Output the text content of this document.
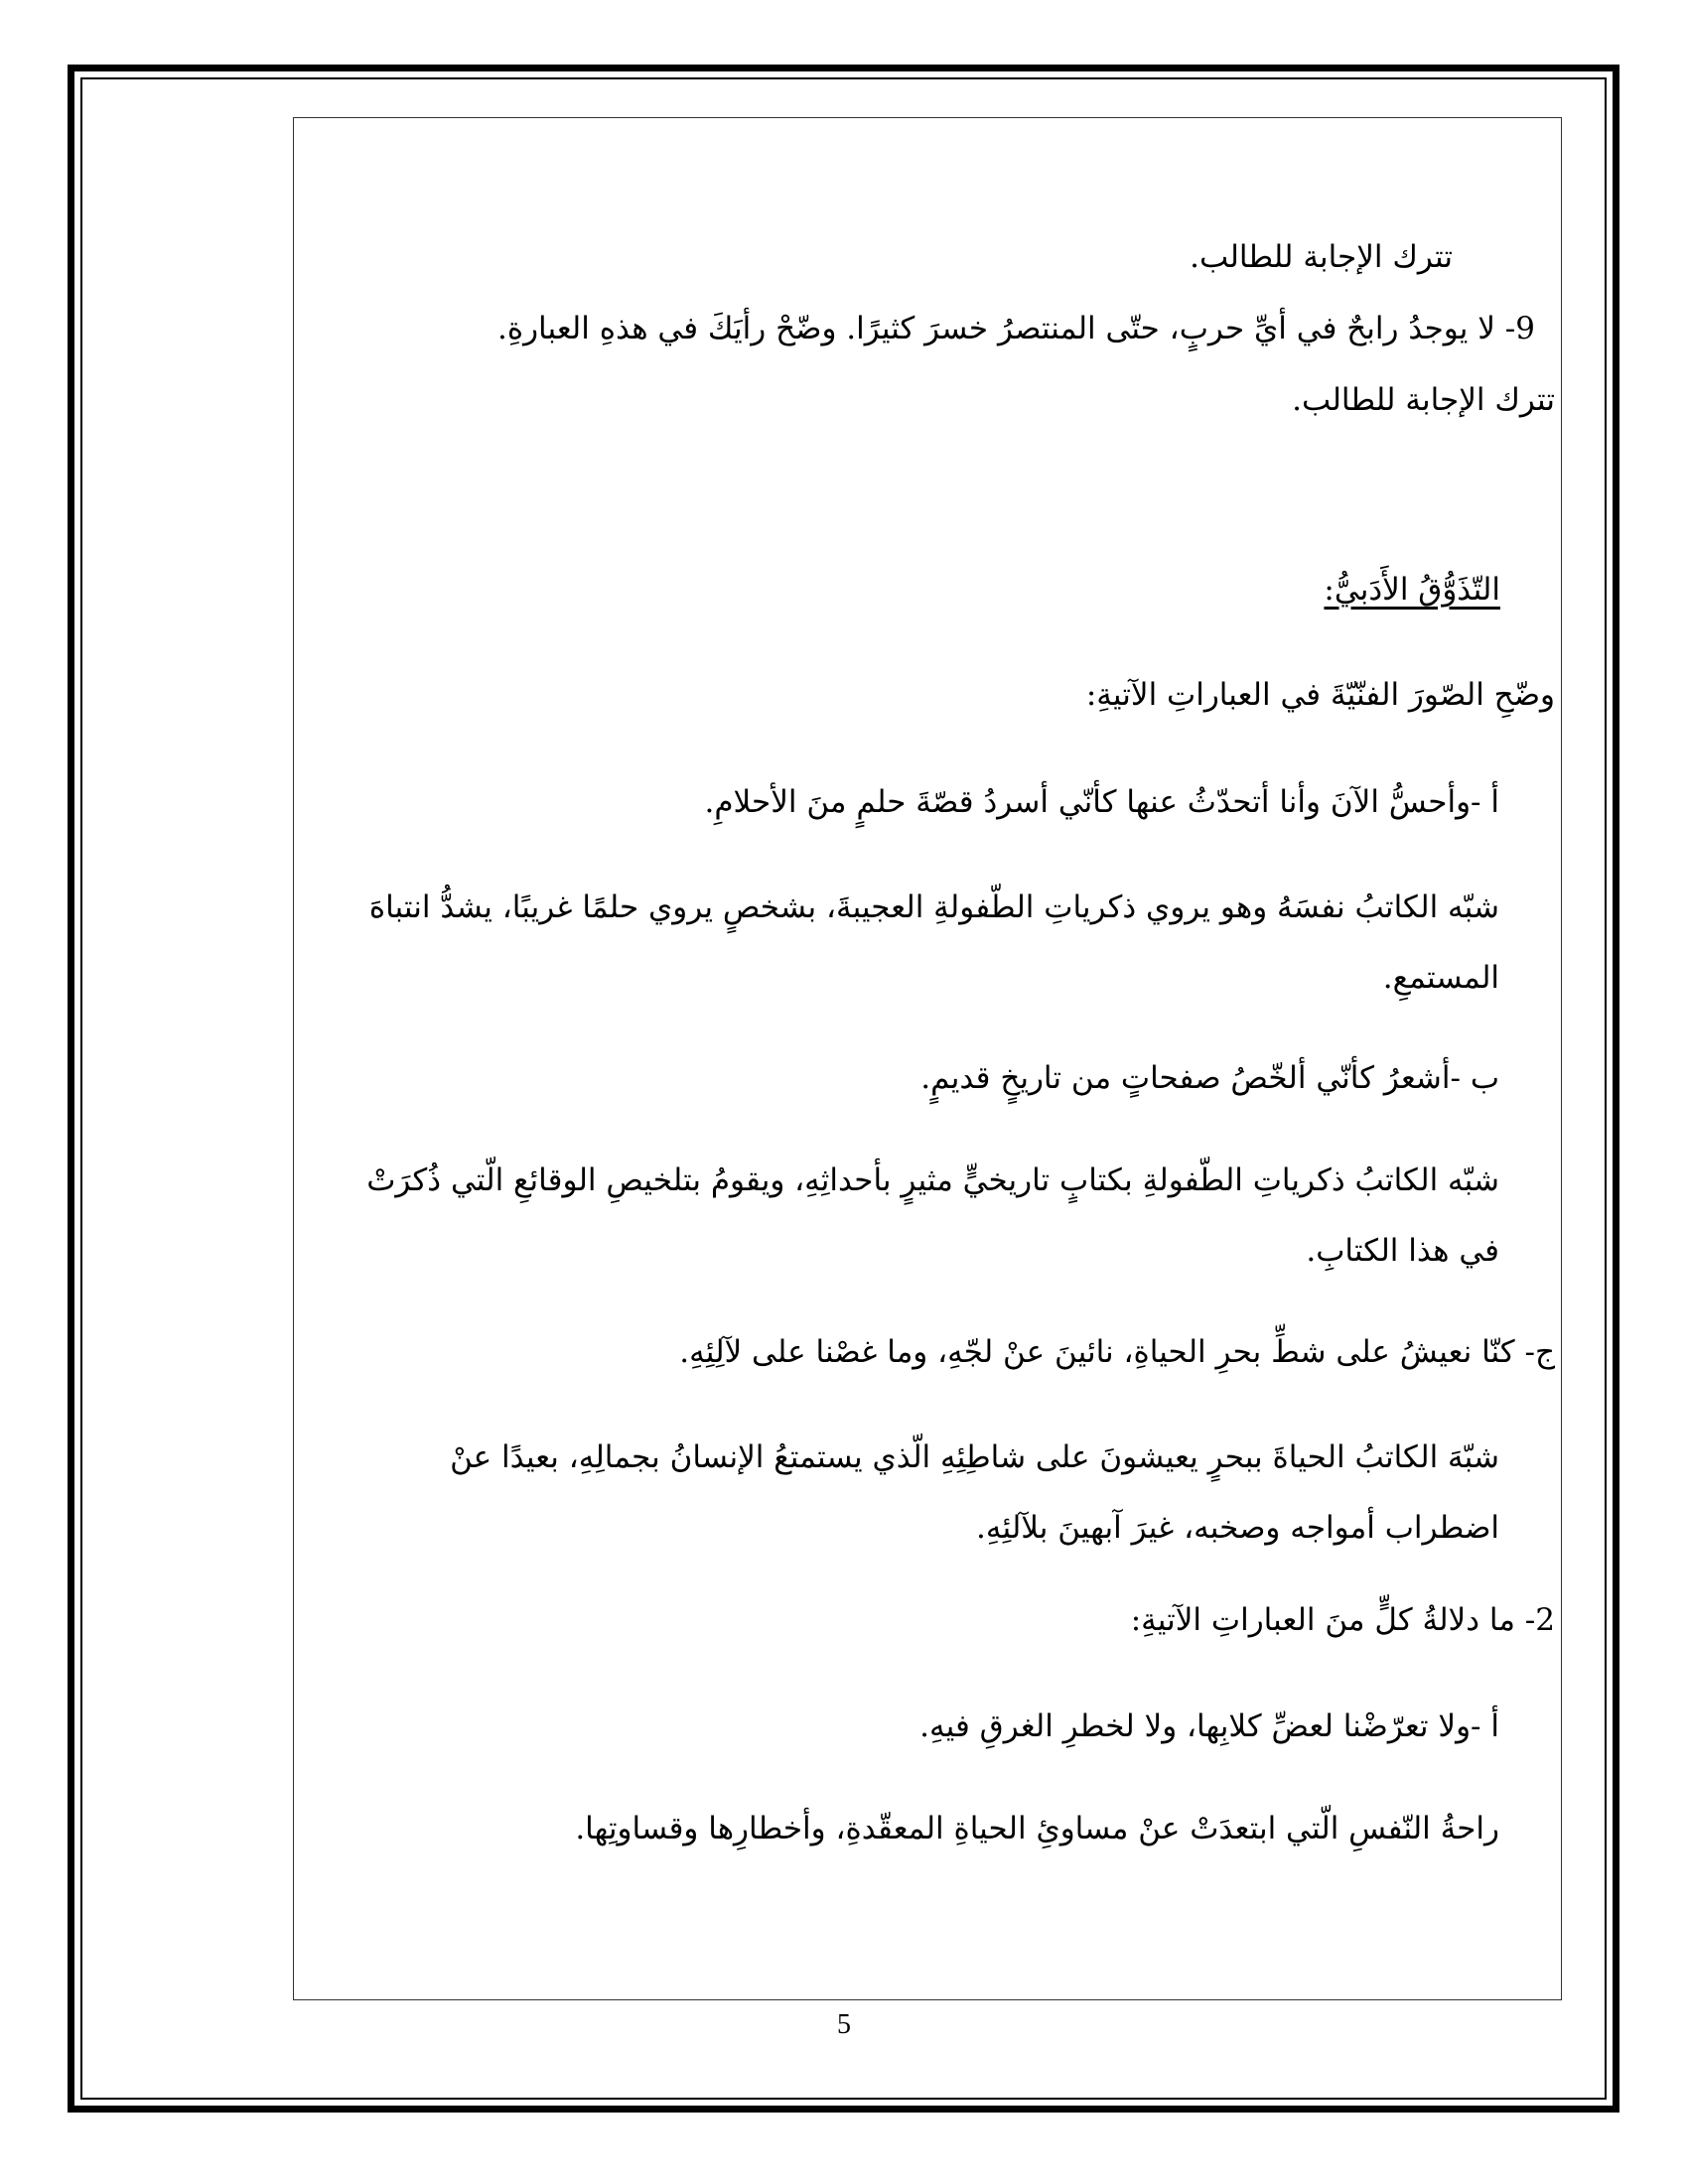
تترك الإجابة للطالب.
9- لا يوجدُ رابحٌ في أيِّ حربٍ، حتّى المنتصرُ خسرَ كثيرًا. وضّحْ رأيَكَ في هذهِ العبارةِ.
تترك الإجابة للطالب.
التّذَوُّقُ الأَدَبيُّ:
وضّحِ الصّورَ الفنّيّةَ في العباراتِ الآتيةِ:
أ -وأحسُّ الآنَ وأنا أتحدّثُ عنها كأنّي أسردُ قصّةَ حلمٍ منَ الأحلامِ.
شبّه الكاتبُ نفسَهُ وهو يروي ذكرياتِ الطّفولةِ العجيبةَ، بشخصٍ يروي حلمًا غريبًا، يشدُّ انتباهَ
المستمعِ.
ب -أشعرُ كأنّي ألخّصُ صفحاتٍ من تاريخٍ قديمٍ.
شبّه الكاتبُ ذكرياتِ الطّفولةِ بكتابٍ تاريخيٍّ مثيرٍ بأحداثِهِ، ويقومُ بتلخيصِ الوقائعِ الّتي ذُكرَتْ
في هذا الكتابِ.
ج- كنّا نعيشُ على شطِّ بحرِ الحياةِ، نائينَ عنْ لجّهِ، وما غصْنا على لآلِئِهِ.
شبّهَ الكاتبُ الحياةَ ببحرٍ يعيشونَ على شاطِئِهِ الّذي يستمتعُ الإنسانُ بجمالِهِ، بعيدًا عنْ
اضطراب أمواجه وصخبه، غيرَ آبهينَ بلآلئِهِ.
2- ما دلالةُ كلٍّ منَ العباراتِ الآتيةِ:
أ -ولا تعرّضْنا لعضِّ كلابِها، ولا لخطرِ الغرقِ فيهِ.
راحةُ النّفسِ الّتي ابتعدَتْ عنْ مساوئِ الحياةِ المعقّدةِ، وأخطارِها وقساوتِها.
5
